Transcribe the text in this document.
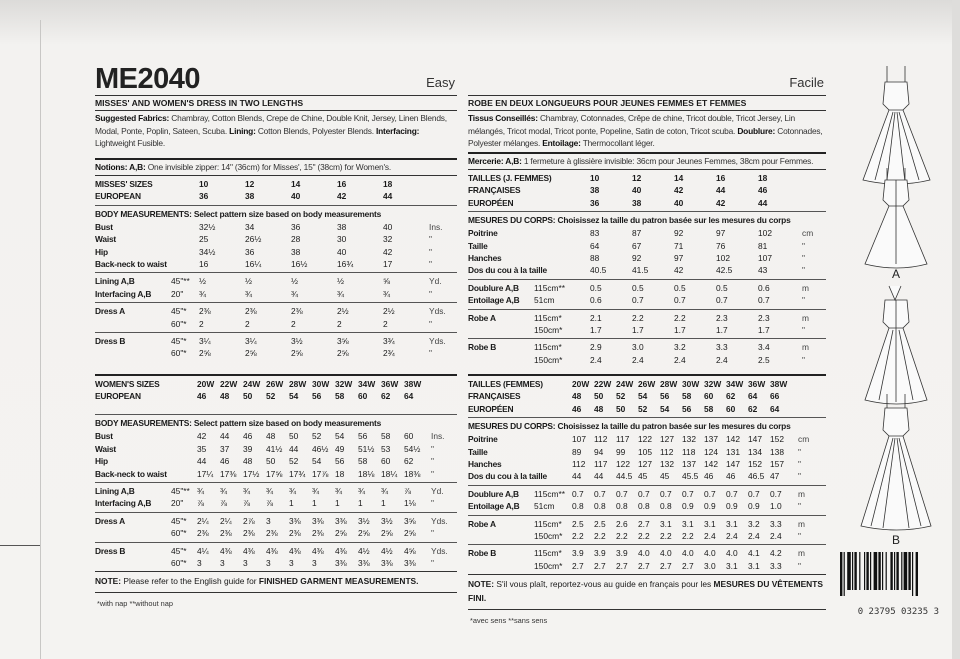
ME2040	Easy
MISSES' AND WOMEN'S DRESS IN TWO LENGTHS
Suggested Fabrics: Chambray, Cotton Blends, Crepe de Chine, Double Knit, Jersey, Linen Blends, Modal, Ponte, Poplin, Sateen, Scuba. Lining: Cotton Blends, Polyester Blends. Interfacing: Lightweight Fusible.
Notions: A,B: One invisible zipper: 14" (36cm) for Misses', 15" (38cm) for Women's.
MISSES' SIZES	10	12	14	16	18
EUROPEAN	36	38	40	42	44
BODY MEASUREMENTS: Select pattern size based on body measurements
Bust	32½	34	36	38	40	Ins.
Waist	25	26½	28	30	32	"
Hip	34½	36	38	40	42	"
Back-neck to waist	16	16¼	16½	16¾	17	"
Lining A,B	45"** ½	½	½	½	⅝	Yd.
Interfacing A,B 20" ¾	¾	¾	¾	¾	"
Dress A	45"* 2⅜	2⅜	2⅜	2½	2½	Yds.
60"* 2	2	2	2	2	"
Dress B	45"* 3¼	3¼	3½	3⅝	3¾	Yds.
60"* 2⅝	2⅝	2⅝	2⅝	2¾	"
WOMEN'S SIZES	20W 22W 24W 26W 28W 30W 32W 34W 36W 38W
EUROPEAN	46 48 50 52 54 56 58 60 62 64
BODY MEASUREMENTS: Select pattern size based on body measurements
Bust	42 44 46 48 50 52 54 56 58 60 Ins.
Waist	35 37 39 41½ 44 46½ 49 51½ 53 54½ "
Hip	44 46 48 50 52 54 56 58 60 62 "
Back-neck to waist	17¼ 17⅜ 17½ 17⅝ 17¾ 17⅞ 18 18⅛ 18¼ 18⅜ "
Lining A,B	45"** ¾ ¾ ¾ ¾ ¾ ¾ ¾ ¾ ¾ ⅞ Yd.
Interfacing A,B 20" ⅞ ⅞ ⅞ ⅞ 1 1 1 1 1 1⅛ "
Dress A	45"* 2¼ 2¼ 2⅞ 3 3⅜ 3⅜ 3⅜ 3½ 3½ 3⅝ Yds.
60"* 2⅜ 2⅜ 2⅜ 2⅜ 2⅜ 2⅜ 2⅝ 2⅝ 2⅝ 2⅝ "
Dress B	45"* 4¼ 4⅜ 4⅜ 4⅜ 4⅜ 4⅜ 4⅜ 4½ 4½ 4⅝ Yds.
60"* 3 3 3 3 3 3 3⅜ 3⅜ 3⅜ 3⅜ "
NOTE: Please refer to the English guide for FINISHED GARMENT MEASUREMENTS.
*with nap **without nap
Facile
ROBE EN DEUX LONGUEURS POUR JEUNES FEMMES ET FEMMES
Tissus Conseillés: Chambray, Cotonnades, Crêpe de chine, Tricot double, Tricot Jersey, Lin mélangés, Tricot modal, Tricot ponte, Popeline, Satin de coton, Tricot scuba. Doublure: Cotonnades, Polyester mélanges. Entoilage: Thermocollant léger.
Mercerie: A,B: 1 fermeture à glissière invisible: 36cm pour Jeunes Femmes, 38cm pour Femmes.
TAILLES (J. FEMMES)	10	12	14	16	18
FRANÇAISES	38	40	42	44	46
EUROPÉEN	36	38	40	42	44
MESURES DU CORPS: Choisissez la taille du patron basée sur les mesures du corps
Poitrine	83	87	92	97	102	cm
Taille	64	67	71	76	81	"
Hanches	88	92	97	102	107	"
Dos du cou à la taille	40.5	41.5	42	42.5	43	"
Doublure A,B 115cm**	0.5	0.5	0.5	0.5	0.6	m
Entoilage A,B 51cm	0.6	0.7	0.7	0.7	0.7	"
Robe A	115cm*	2.1	2.2	2.2	2.3	2.3	m
150cm*	1.7	1.7	1.7	1.7	1.7	"
Robe B	115cm*	2.9	3.0	3.2	3.3	3.4	m
150cm*	2.4	2.4	2.4	2.4	2.5	"
TAILLES (FEMMES)	20W 22W 24W 26W 28W 30W 32W 34W 36W 38W
FRANÇAISES	48 50 52 54 56 58 60 62 64 66
EUROPÉEN	46 48 50 52 54 56 58 60 62 64
MESURES DU CORPS: Choisissez la taille du patron basée sur les mesures du corps
Poitrine	107 112 117 122 127 132 137 142 147 152 cm
Taille	89 94 99 105 112 118 124 131 134 138 "
Hanches	112 117 122 127 132 137 142 147 152 157 "
Dos du cou à la taille	44 44 44.5 45 45 45.5 46 46 46.5 47 "
Doublure A,B 115cm** 0.7 0.7 0.7 0.7 0.7 0.7 0.7 0.7 0.7 0.7 m
Entoilage A,B 51cm 0.8 0.8 0.8 0.8 0.8 0.9 0.9 0.9 0.9 1.0 "
Robe A	115cm* 2.5 2.5 2.6 2.7 3.1 3.1 3.1 3.1 3.2 3.3 m
150cm* 2.2 2.2 2.2 2.2 2.2 2.2 2.4 2.4 2.4 2.4 "
Robe B	115cm* 3.9 3.9 3.9 4.0 4.0 4.0 4.0 4.0 4.1 4.2 m
150cm* 2.7 2.7 2.7 2.7 2.7 2.7 3.0 3.1 3.1 3.3 "
NOTE: S'il vous plaît, reportez-vous au guide en français pour les MESURES DU VÊTEMENTS FINI.
*avec sens **sans sens
A
B

0 23795 03235 3
